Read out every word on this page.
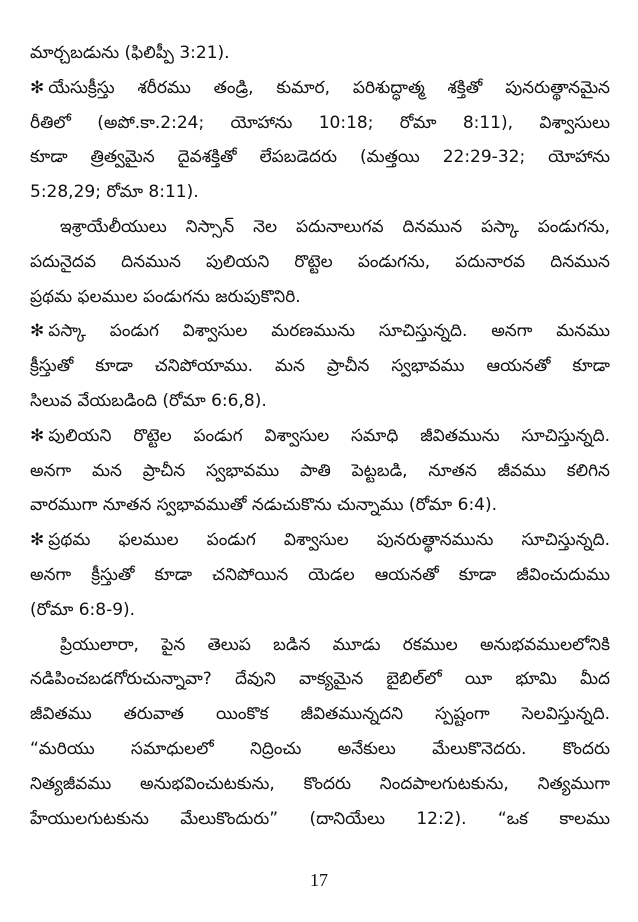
మార్చబడును (ఫిలిప్పీ 3:21).
✻ యేసుక్రీస్తు శరీరము తండ్రి, కుమార, పరిశుద్ధాత్మ శక్తితో పునరుత్థానమైన
రీతిలో (అపో.కా.2:24; యోహాను 10:18; రోమా 8:11), విశ్వాసులు
కూడా త్రిత్వమైన దైవశక్తితో లేపబడెదరు (మత్తయి 22:29-32; యోహాను
5:28,29; రోమా 8:11).
ఇశ్రాయేలీయులు నిస్సాన్ నెల పదునాలుగవ దినమున పస్కా పండుగను,
పదునైదవ దినమున పులియని రొట్టెల పండుగను, పదునారవ దినమున
ప్రథమ ఫలముల పండుగను జరుపుకొనిరి.
✻ పస్కా పండుగ విశ్వాసుల మరణమును సూచిస్తున్నది. అనగా మనము
క్రీస్తుతో కూడా చనిపోయాము. మన ప్రాచీన స్వభావము ఆయనతో కూడా
సిలువ వేయబడింది (రోమా 6:6,8).
✻ పులియని రొట్టెల పండుగ విశ్వాసుల సమాధి జీవితమును సూచిస్తున్నది.
అనగా మన ప్రాచీన స్వభావము పాతి పెట్టబడి, నూతన జీవము కలిగిన
వారముగా నూతన స్వభావముతో నడుచుకొను చున్నాము (రోమా 6:4).
✻ ప్రథమ ఫలముల పండుగ విశ్వాసుల పునరుత్థానమును సూచిస్తున్నది.
అనగా క్రీస్తుతో కూడా చనిపోయిన యెడల ఆయనతో కూడా జీవించుదుము
(రోమా 6:8-9).
ప్రియులారా, పైన తెలుప బడిన మూడు రకముల అనుభవములలోనికి
నడిపించబడగోరుచున్నావా? దేవుని వాక్యమైన బైబిల్‌లో యీ భూమి మీద
జీవితము తరువాత యింకొక జీవితమున్నదని స్పష్టంగా సెలవిస్తున్నది.
“మరియు సమాధులలో నిద్రించు అనేకులు మేలుకొనెదరు. కొందరు
నిత్యజీవము అనుభవించుటకును, కొందరు నిందపాలగుటకును, నిత్యముగా
హేయులగుటకును మేలుకొందురు” (దానియేలు 12:2). “ఒక కాలము
17
